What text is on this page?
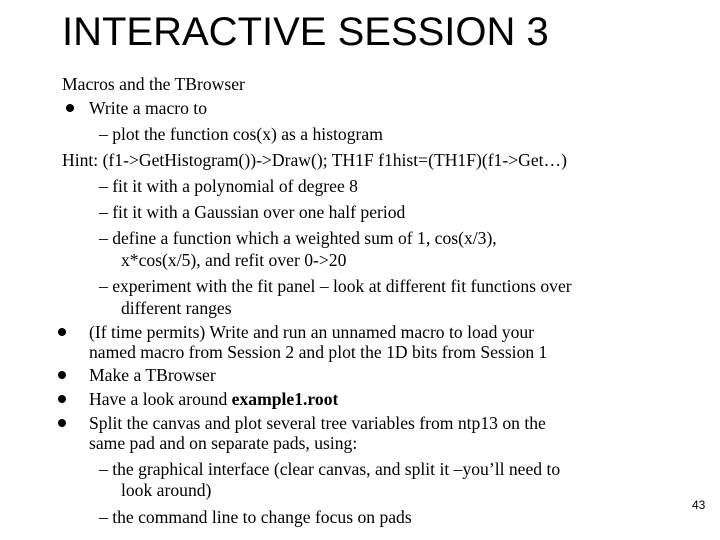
INTERACTIVE SESSION 3
Macros and the TBrowser
Write a macro to
– plot the function cos(x) as a histogram
Hint: (f1->GetHistogram())->Draw(); TH1F f1hist=(TH1F)(f1->Get…)
– fit it with a polynomial of degree 8
– fit it with a Gaussian over one half period
– define a function which a weighted sum of 1, cos(x/3),
x*cos(x/5), and refit over 0->20
– experiment with the fit panel – look at different fit functions over
different ranges
(If time permits) Write and run an unnamed macro to load your
named macro from Session 2 and plot the 1D bits from Session 1
Make a TBrowser
Have a look around example1.root
Split the canvas and plot several tree variables from ntp13 on the
same pad and on separate pads, using:
– the graphical interface (clear canvas, and split it –you’ll need to
look around)
– the command line to change focus on pads
43
